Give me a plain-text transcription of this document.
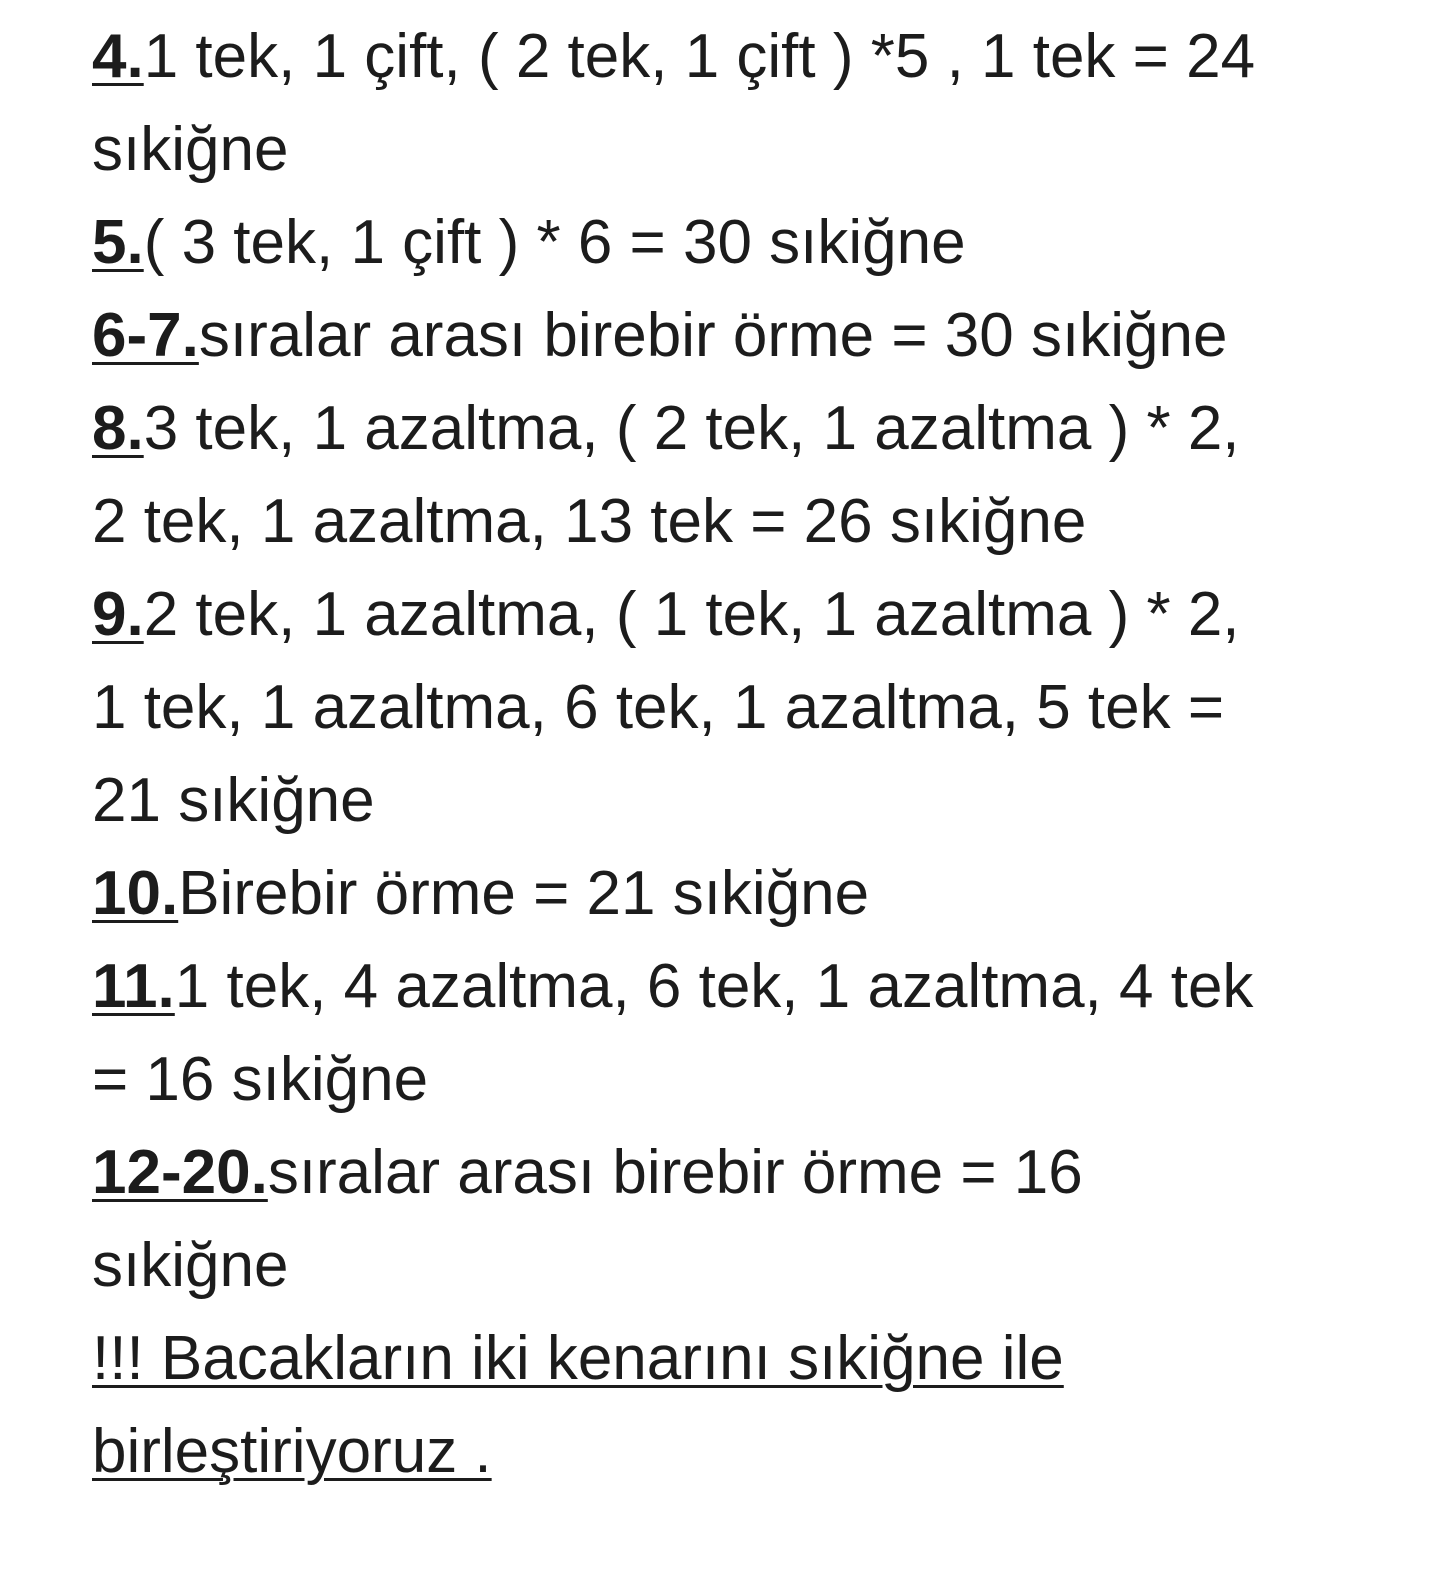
4.1 tek, 1 çift, ( 2 tek, 1 çift ) *5 , 1 tek = 24
sıkiğne
5.( 3 tek, 1 çift ) * 6 = 30 sıkiğne
6-7.sıralar arası birebir örme = 30 sıkiğne
8.3 tek, 1 azaltma, ( 2 tek, 1 azaltma ) * 2,
2 tek, 1 azaltma, 13 tek = 26 sıkiğne
9.2 tek, 1 azaltma, ( 1 tek, 1 azaltma ) * 2,
1 tek, 1 azaltma, 6 tek, 1 azaltma, 5 tek =
21 sıkiğne
10.Birebir örme = 21 sıkiğne
11.1 tek, 4 azaltma, 6 tek, 1 azaltma, 4 tek
= 16 sıkiğne
12-20.sıralar arası birebir örme = 16
sıkiğne
!!! Bacakların iki kenarını sıkiğne ile
birleştiriyoruz .
